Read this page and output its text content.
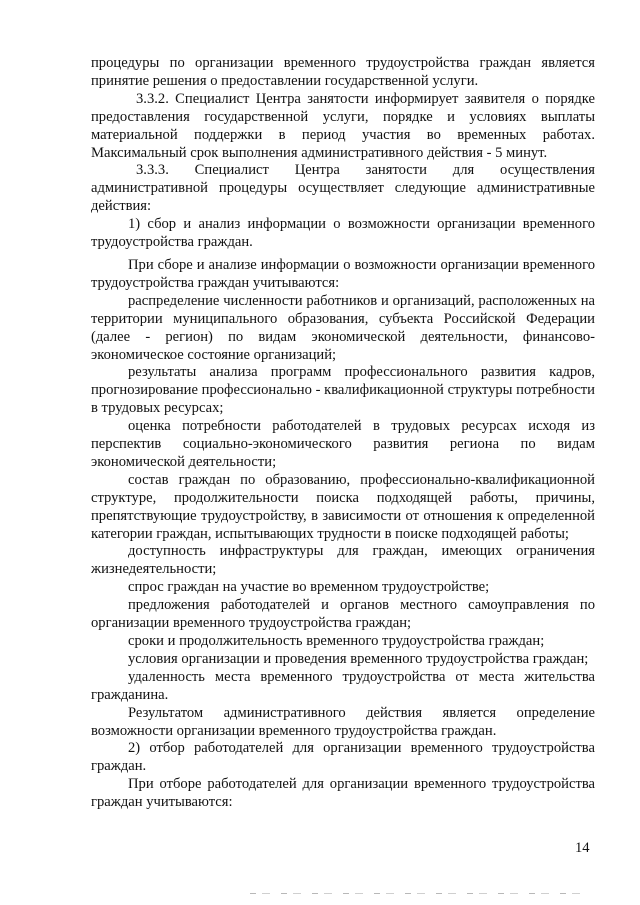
процедуры по организации временного трудоустройства граждан является принятие решения о предоставлении государственной услуги.

3.3.2. Специалист Центра занятости информирует заявителя о порядке предоставления государственной услуги, порядке и условиях выплаты материальной поддержки в период участия во временных работах. Максимальный срок выполнения административного действия - 5 минут.

3.3.3. Специалист Центра занятости для осуществления административной процедуры осуществляет следующие административные действия:

1) сбор и анализ информации о возможности организации временного трудоустройства граждан.

При сборе и анализе информации о возможности организации временного трудоустройства граждан учитываются:

распределение численности работников и организаций, расположенных на территории муниципального образования, субъекта Российской Федерации (далее - регион) по видам экономической деятельности, финансово-экономическое состояние организаций;

результаты анализа программ профессионального развития кадров, прогнозирование профессионально - квалификационной структуры потребности в трудовых ресурсах;

оценка потребности работодателей в трудовых ресурсах исходя из перспектив социально-экономического развития региона по видам экономической деятельности;

состав граждан по образованию, профессионально-квалификационной структуре, продолжительности поиска подходящей работы, причины, препятствующие трудоустройству, в зависимости от отношения к определенной категории граждан, испытывающих трудности в поиске подходящей работы;

доступность инфраструктуры для граждан, имеющих ограничения жизнедеятельности;

спрос граждан на участие во временном трудоустройстве;

предложения работодателей и органов местного самоуправления по организации временного трудоустройства граждан;

сроки и продолжительность временного трудоустройства граждан;

условия организации и проведения временного трудоустройства граждан;

удаленность места временного трудоустройства от места жительства гражданина.

Результатом административного действия является определение возможности организации временного трудоустройства граждан.

2) отбор работодателей для организации временного трудоустройства граждан.

При отборе работодателей для организации временного трудоустройства граждан учитываются:

14
